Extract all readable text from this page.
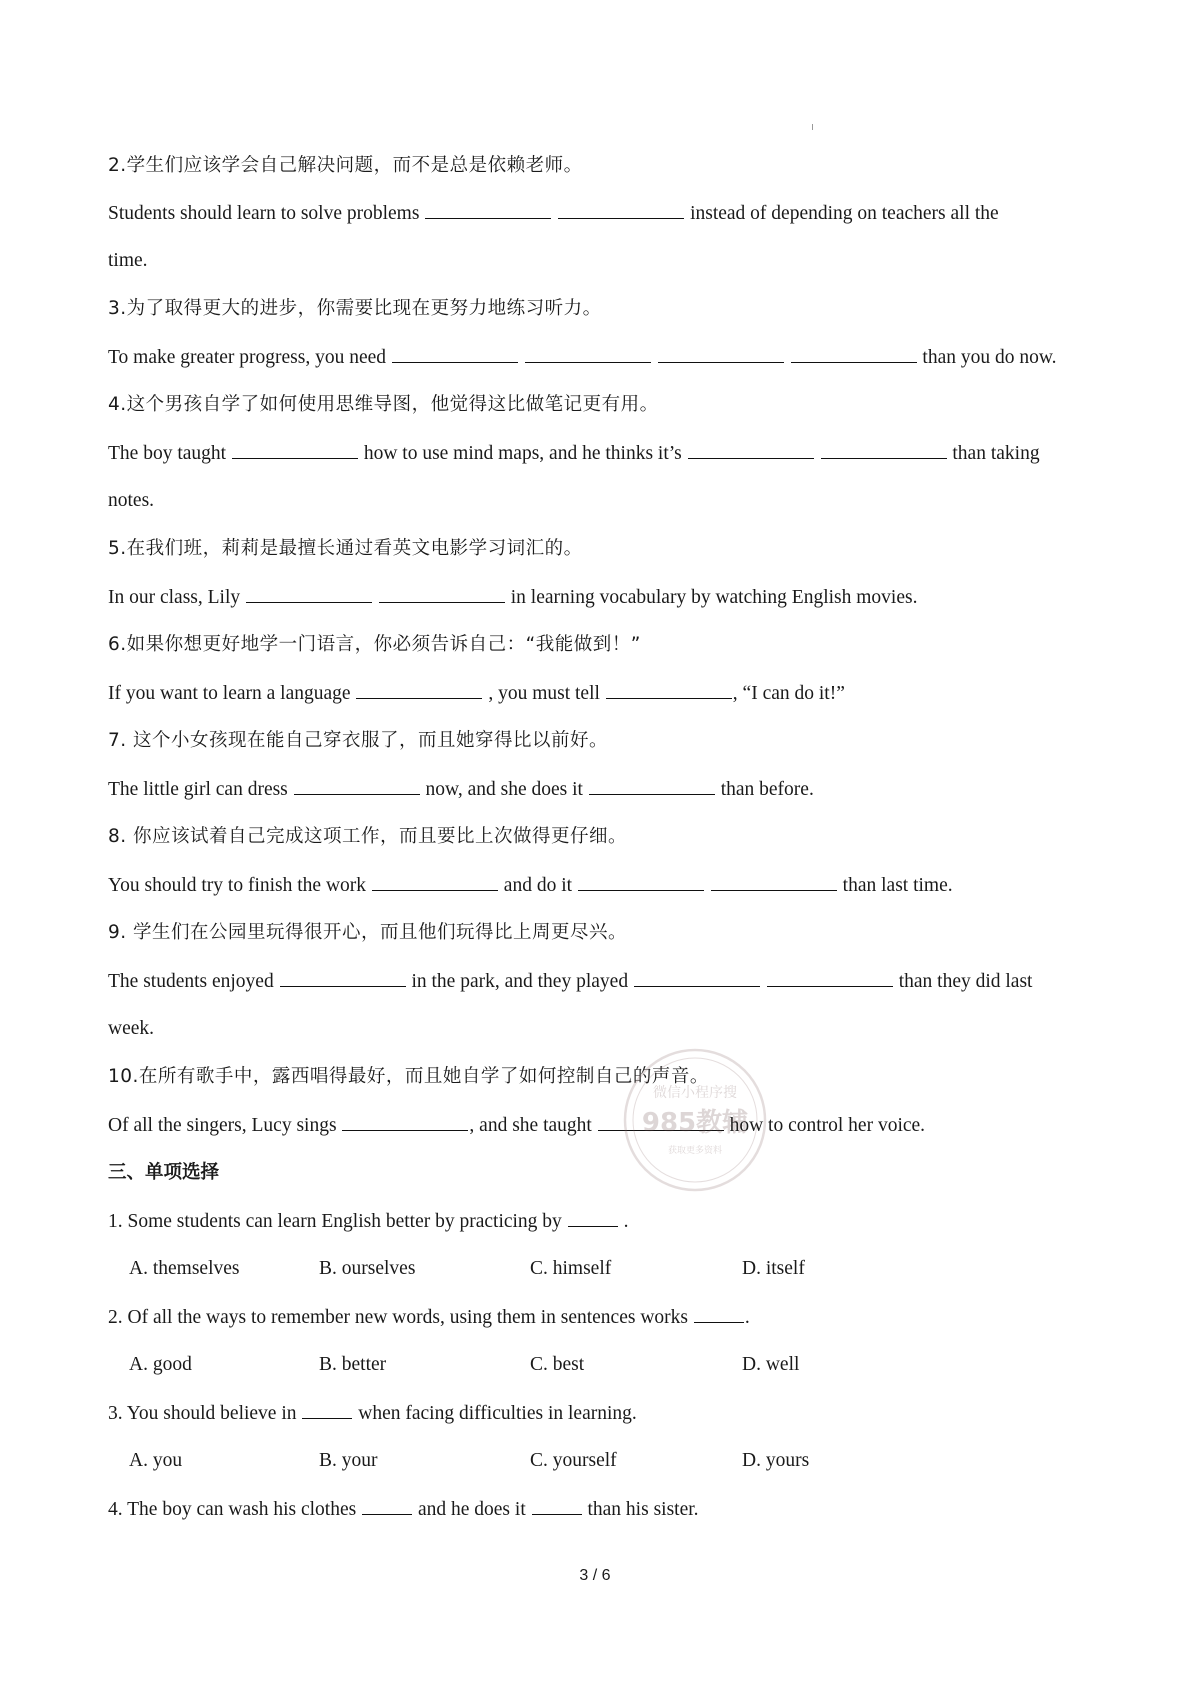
2.学生们应该学会自己解决问题，而不是总是依赖老师。
Students should learn to solve problems	instead of depending on teachers all the
time.
3.为了取得更大的进步，你需要比现在更努力地练习听力。
To make greater progress, you need	than you do now.
4.这个男孩自学了如何使用思维导图，他觉得这比做笔记更有用。
The boy taught	how to use mind maps, and he thinks it’s	than taking
notes.
5.在我们班，莉莉是最擅长通过看英文电影学习词汇的。
In our class, Lily	in learning vocabulary by watching English movies.
6.如果你想更好地学一门语言，你必须告诉自己：“我能做到！”
If you want to learn a language	, you must tell	, “I can do it!”
7. 这个小女孩现在能自己穿衣服了，而且她穿得比以前好。
The little girl can dress	now, and she does it	than before.
8. 你应该试着自己完成这项工作，而且要比上次做得更仔细。
You should try to finish the work	and do it	than last time.
9. 学生们在公园里玩得很开心，而且他们玩得比上周更尽兴。
The students enjoyed	in the park, and they played	than they did last
week.
10.在所有歌手中，露西唱得最好，而且她自学了如何控制自己的声音。
Of all the singers, Lucy sings	, and she taught	how to control her voice.
三、单项选择
1. Some students can learn English better by practicing by	.
A. themselves	B. ourselves	C. himself	D. itself
2. Of all the ways to remember new words, using them in sentences works	.
A. good	B. better	C. best	D. well
3. You should believe in	when facing difficulties in learning.
A. you	B. your	C. yourself	D. yours
4. The boy can wash his clothes	and he does it	than his sister.
微信小程序搜
985教辅
获取更多资料
3 / 6
